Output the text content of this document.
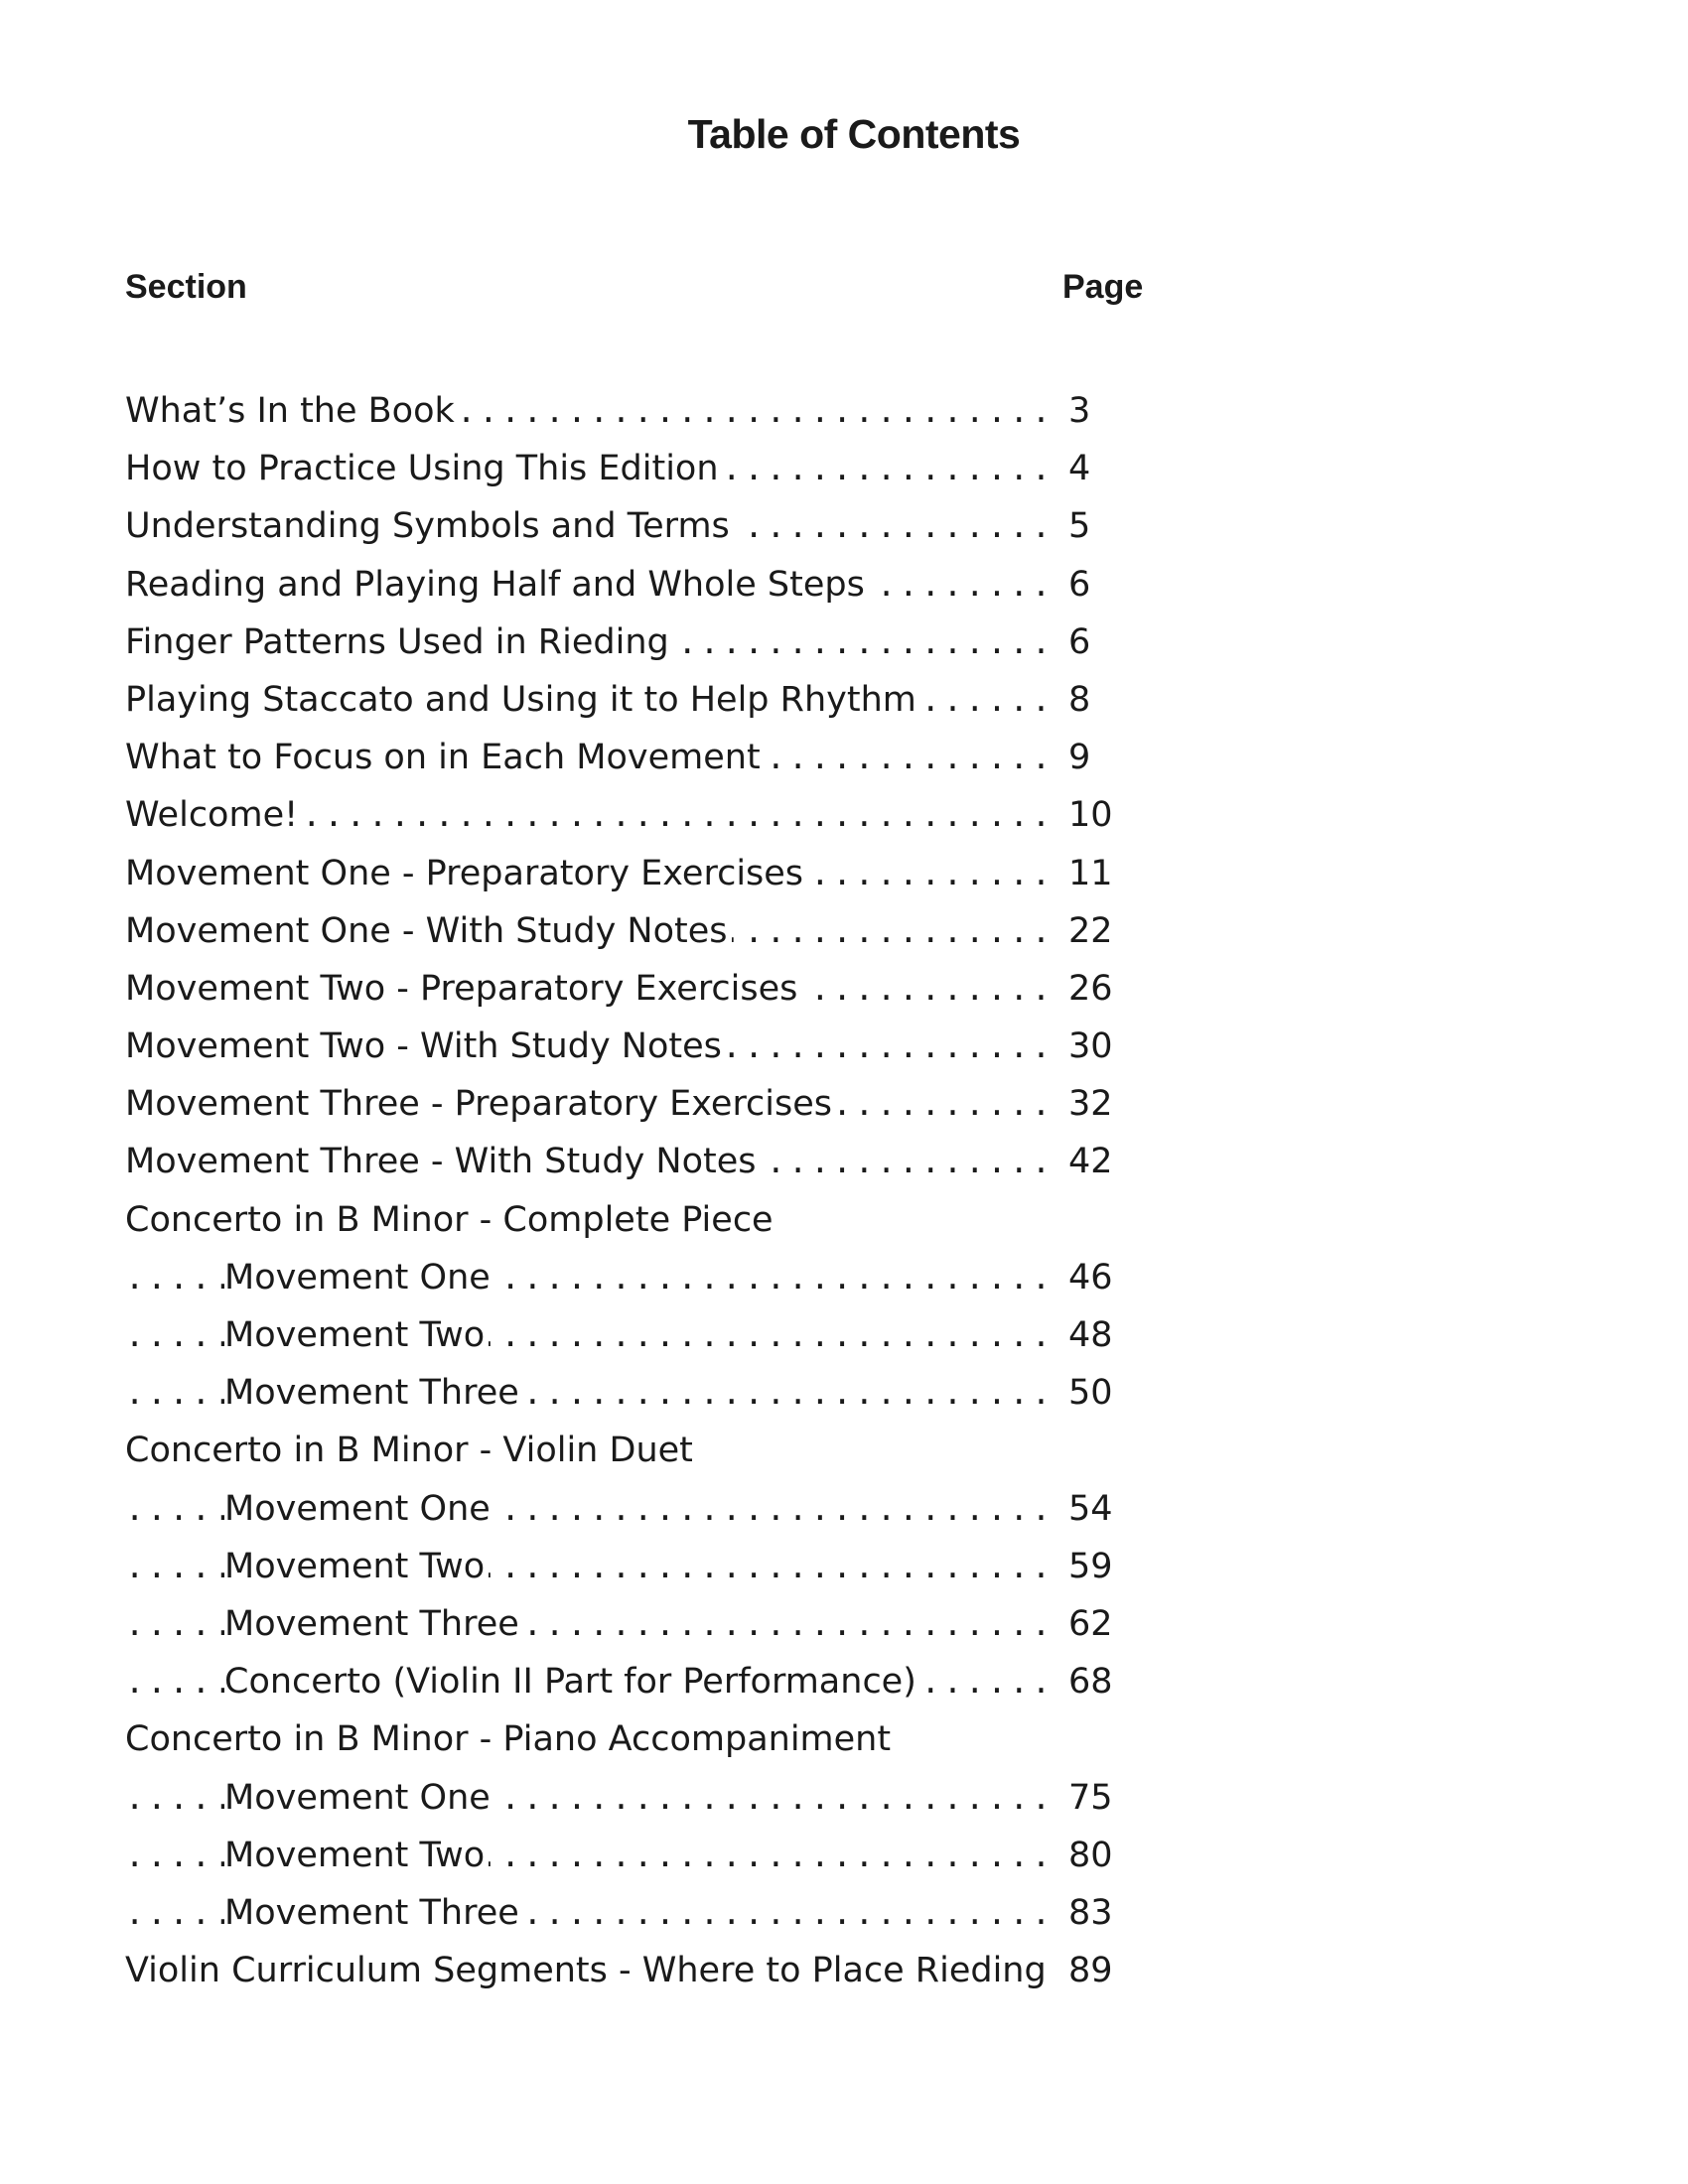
Table of Contents
Section	Page
.....
What’s In the Book	3
.....
How to Practice Using This Edition	4
.....
Understanding Symbols and Terms	5
.....
Reading and Playing Half and Whole Steps	6
.....
Finger Patterns Used in Rieding	6
.....
Playing Staccato and Using it to Help Rhythm	8
.....
What to Focus on in Each Movement	9
.....
Welcome!	10
.....
Movement One - Preparatory Exercises	11
.....
Movement One - With Study Notes	22
.....
Movement Two - Preparatory Exercises	26
.....
Movement Two - With Study Notes	30
.....
Movement Three - Preparatory Exercises	32
.....
Movement Three - With Study Notes	42
Concerto in B Minor - Complete Piece
.....
Movement One	46
.....
Movement Two	48
.....
Movement Three	50
Concerto in B Minor - Violin Duet
.....
Movement One	54
.....
Movement Two	59
.....
Movement Three	62
.....
Concerto (Violin II Part for Performance)	68
Concerto in B Minor - Piano Accompaniment
.....
Movement One	75
.....
Movement Two	80
.....
Movement Three	83
.....
Violin Curriculum Segments - Where to Place Rieding 89
